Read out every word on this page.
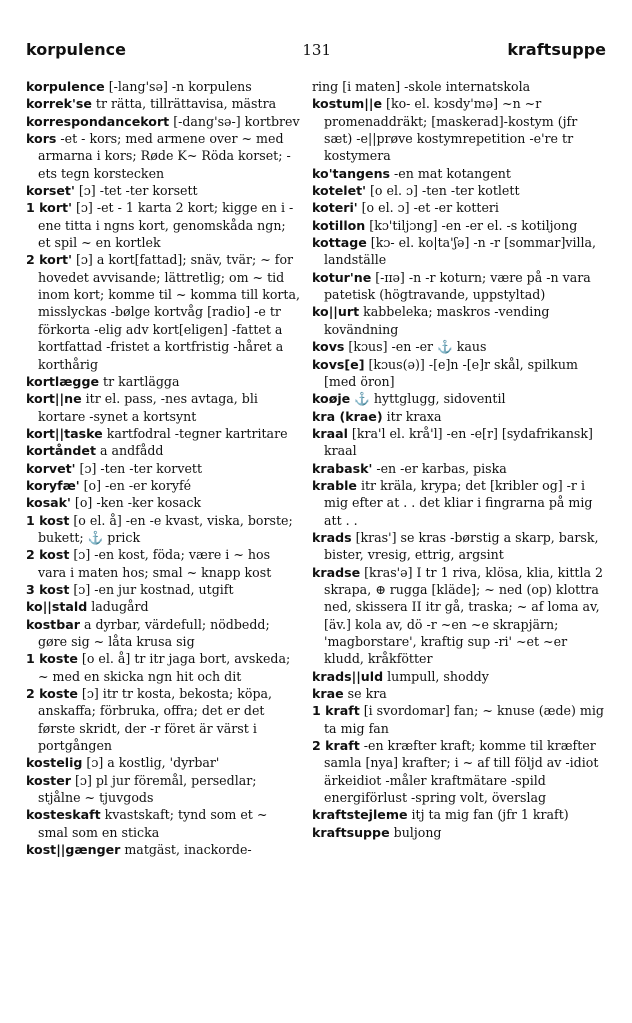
korpulence	131	kraftsuppe

korpulence [-lang'sə] -n korpulens

korrek'se tr rätta, tillrättavisa, mästra

korrespondancekort [-dang'sə-] kortbrev

kors -et - kors; med armene over ~ med armarna i kors; Røde K~ Röda korset; -ets tegn korstecken

korset' [ɔ] -tet -ter korsett

1 kort' [ɔ] -et - 1 karta 2 kort; kigge en i -ene titta i ngns kort, genomskåda ngn; et spil ~ en kortlek

2 kort' [ɔ] a kort[fattad]; snäv, tvär; ~ for hovedet avvisande; lättretlig; om ~ tid inom kort; komme til ~ komma till korta, misslyckas -bølge kortvåg [radio] -e tr förkorta -elig adv kort[eligen] -fattet a kortfattad -fristet a kortfristig -håret a korthårig

kortlægge tr kartlägga

kort||ne itr el. pass, -nes avtaga, bli kortare -synet a kortsynt

kort||taske kartfodral -tegner kartritare

kortåndet a andfådd

korvet' [ɔ] -ten -ter korvett

koryfæ' [o] -en -er koryfé

kosak' [o] -ken -ker kosack

1 kost [o el. å] -en -e kvast, viska, borste; bukett; ⚓ prick

2 kost [ɔ] -en kost, föda; være i ~ hos vara i maten hos; smal ~ knapp kost

3 kost [ɔ] -en jur kostnad, utgift

ko||stald ladugård

kostbar a dyrbar, värdefull; nödbedd; gøre sig ~ låta krusa sig

1 koste [o el. å] tr itr jaga bort, avskeda; ~ med en skicka ngn hit och dit

2 koste [ɔ] itr tr kosta, bekosta; köpa, anskaffa; förbruka, offra; det er det første skridt, der -r föret är värst i portgången

kostelig [ɔ] a kostlig, 'dyrbar'

koster [ɔ] pl jur föremål, persedlar; stjålne ~ tjuvgods

kosteskaft kvastskaft; tynd som et ~ smal som en sticka

kost||gænger matgäst, inackorde-

ring [i maten] -skole internatskola

kostum||e [ko- el. kɔsdy'mə] ~n ~r promenaddräkt; [maskerad]-kostym (jfr sæt) -e||prøve kostymrepetition -e're tr kostymera

ko'tangens -en mat kotangent

kotelet' [o el. ɔ] -ten -ter kotlett

koteri' [o el. ɔ] -et -er kotteri

kotillon [kɔ'tiljɔng] -en -er el. -s kotiljong

kottage [kɔ- el. ko|ta'ʃə] -n -r [sommar]villa, landställe

kotur'ne [-ɪɪə] -n -r koturn; være på -n vara patetisk (högtravande, uppstyltad)

ko||urt kabbeleka; maskros -vending kovändning

kovs [kɔus] -en -er ⚓ kaus

kovs[e] [kɔus(ə)] -[e]n -[e]r skål, spilkum [med öron]

koøje ⚓ hyttglugg, sidoventil

kra (krae) itr kraxa

kraal [kra'l el. krå'l] -en -e[r] [sydafrikansk] kraal

krabask' -en -er karbas, piska

krable itr kräla, krypa; det [kribler og] -r i mig efter at . . det kliar i fingrarna på mig att . .

krads [kras'] se kras -børstig a skarp, barsk, bister, vresig, ettrig, argsint

kradse [kras'ə] I tr 1 riva, klösa, klia, kittla 2 skrapa, ⊕ rugga [kläde]; ~ ned (op) klottra ned, skissera II itr gå, traska; ~ af loma av, [äv.] kola av, dö -r ~en ~e skrapjärn; 'magborstare', kraftig sup -ri' ~et ~er kludd, kråkfötter

krads||uld lumpull, shoddy

krae se kra

1 kraft [i svordomar] fan; ~ knuse (æde) mig ta mig fan

2 kraft -en kræfter kraft; komme til kræfter samla [nya] krafter; i ~ af till följd av -idiot ärkeidiot -måler kraftmätare -spild energiförlust -spring volt, överslag

kraftstejleme itj ta mig fan (jfr 1 kraft)

kraftsuppe buljong
